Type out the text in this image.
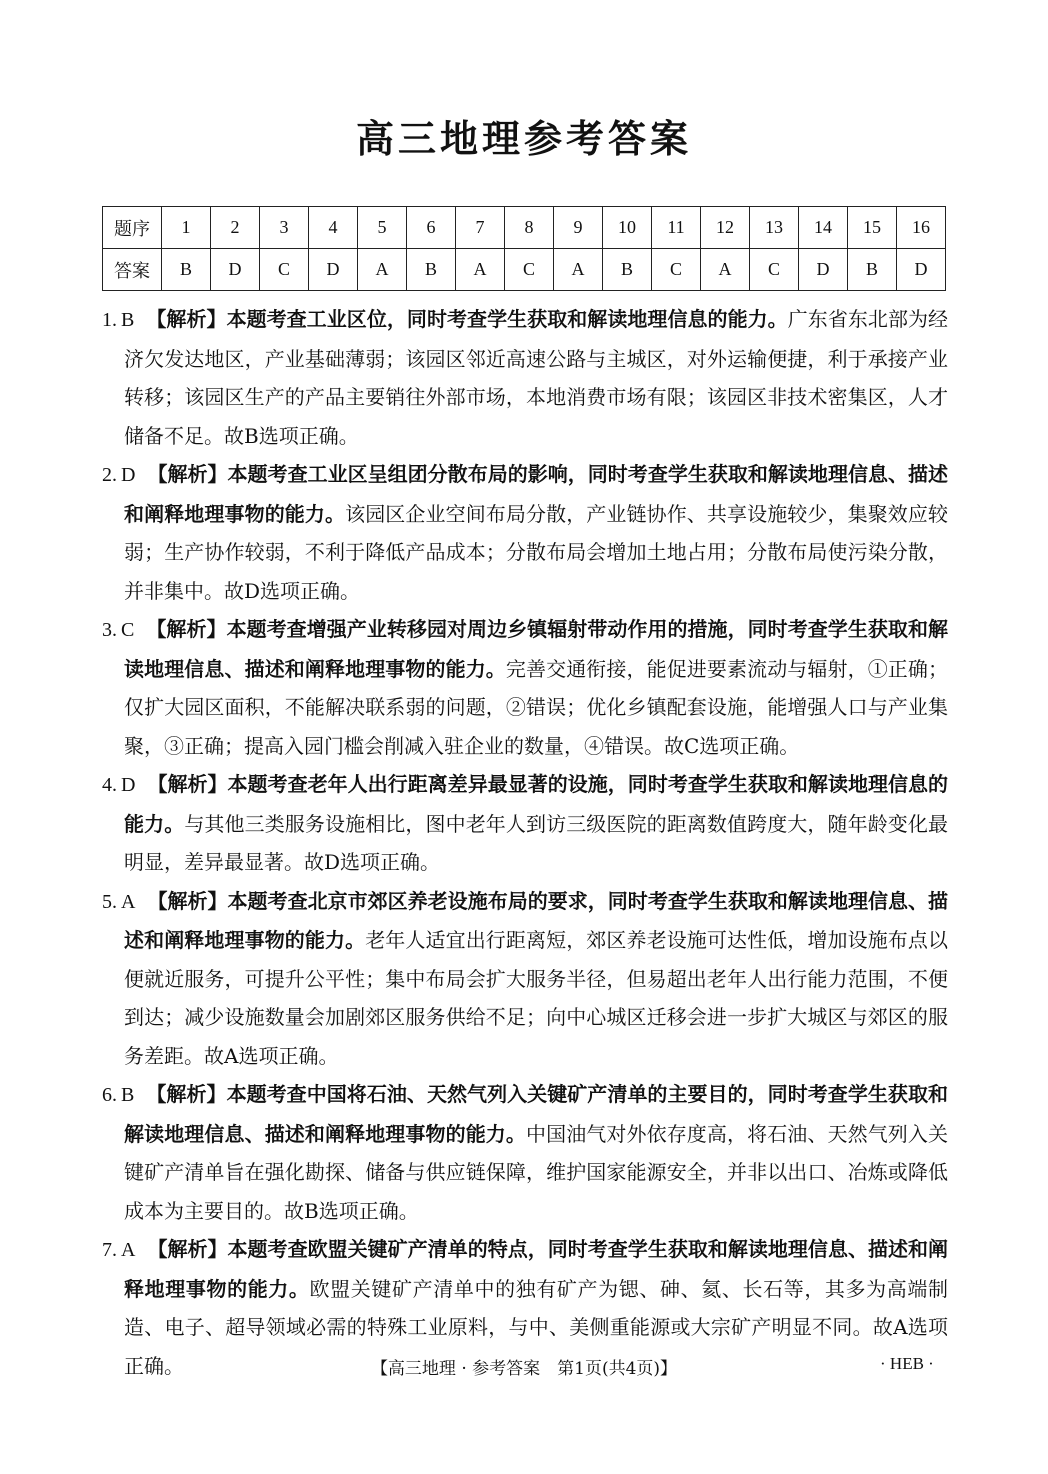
高三地理参考答案
题序	1	2	3	4	5	6	7	8	9	10	11	12	13	14	15	16
答案	B	D	C	D	A	B	A	C	A	B	C	A	C	D	B	D
1. B 【解析】本题考查工业区位，同时考查学生获取和解读地理信息的能力。广东省东北部为经济欠发达地区，产业基础薄弱；该园区邻近高速公路与主城区，对外运输便捷，利于承接产业转移；该园区生产的产品主要销往外部市场，本地消费市场有限；该园区非技术密集区，人才储备不足。故B选项正确。
2. D 【解析】本题考查工业区呈组团分散布局的影响，同时考查学生获取和解读地理信息、描述和阐释地理事物的能力。该园区企业空间布局分散，产业链协作、共享设施较少，集聚效应较弱；生产协作较弱，不利于降低产品成本；分散布局会增加土地占用；分散布局使污染分散，并非集中。故D选项正确。
3. C 【解析】本题考查增强产业转移园对周边乡镇辐射带动作用的措施，同时考查学生获取和解读地理信息、描述和阐释地理事物的能力。完善交通衔接，能促进要素流动与辐射，①正确；仅扩大园区面积，不能解决联系弱的问题，②错误；优化乡镇配套设施，能增强人口与产业集聚，③正确；提高入园门槛会削减入驻企业的数量，④错误。故C选项正确。
4. D 【解析】本题考查老年人出行距离差异最显著的设施，同时考查学生获取和解读地理信息的能力。与其他三类服务设施相比，图中老年人到访三级医院的距离数值跨度大，随年龄变化最明显，差异最显著。故D选项正确。
5. A 【解析】本题考查北京市郊区养老设施布局的要求，同时考查学生获取和解读地理信息、描述和阐释地理事物的能力。老年人适宜出行距离短，郊区养老设施可达性低，增加设施布点以便就近服务，可提升公平性；集中布局会扩大服务半径，但易超出老年人出行能力范围，不便到达；减少设施数量会加剧郊区服务供给不足；向中心城区迁移会进一步扩大城区与郊区的服务差距。故A选项正确。
6. B 【解析】本题考查中国将石油、天然气列入关键矿产清单的主要目的，同时考查学生获取和解读地理信息、描述和阐释地理事物的能力。中国油气对外依存度高，将石油、天然气列入关键矿产清单旨在强化勘探、储备与供应链保障，维护国家能源安全，并非以出口、冶炼或降低成本为主要目的。故B选项正确。
7. A 【解析】本题考查欧盟关键矿产清单的特点，同时考查学生获取和解读地理信息、描述和阐释地理事物的能力。欧盟关键矿产清单中的独有矿产为锶、砷、氦、长石等，其多为高端制造、电子、超导领域必需的特殊工业原料，与中、美侧重能源或大宗矿产明显不同。故A选项正确。	【高三地理 · 参考答案　第1页(共4页)】	· HEB ·
